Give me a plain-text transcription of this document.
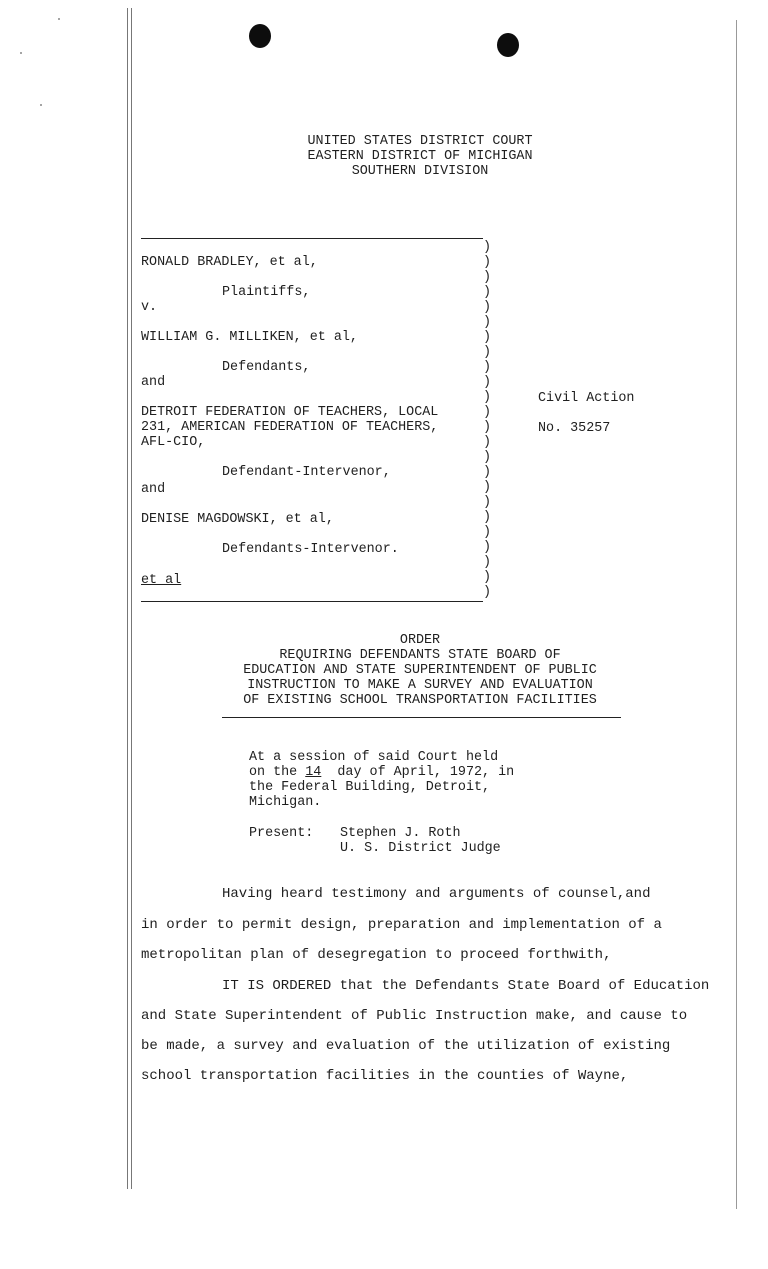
UNITED STATES DISTRICT COURT
EASTERN DISTRICT OF MICHIGAN
SOUTHERN DIVISION
RONALD BRADLEY, et al,
Plaintiffs,
v.
WILLIAM G. MILLIKEN, et al,
Defendants,
and
DETROIT FEDERATION OF TEACHERS, LOCAL
231, AMERICAN FEDERATION OF TEACHERS,
AFL-CIO,
Defendant-Intervenor,
and
DENISE MAGDOWSKI, et al,
Defendants-Intervenor.
et al
)
)
)
)
)
)
)
)
)
)
)
)
)
)
)
)
)
)
)
)
)
)
)
)
Civil Action
No. 35257
ORDER
REQUIRING DEFENDANTS STATE BOARD OF
EDUCATION AND STATE SUPERINTENDENT OF PUBLIC
INSTRUCTION TO MAKE A SURVEY AND EVALUATION
OF EXISTING SCHOOL TRANSPORTATION FACILITIES
At a session of said Court held
on the 14  day of April, 1972, in
the Federal Building, Detroit,
Michigan.
Present: Stephen J. Roth
U. S. District Judge
Having heard testimony and arguments of counsel,and
in order to permit design, preparation and implementation of a
metropolitan plan of desegregation to proceed forthwith,
IT IS ORDERED that the Defendants State Board of Education
and State Superintendent of Public Instruction make, and cause to
be made, a survey and evaluation of the utilization of existing
school transportation facilities in the counties of Wayne,
